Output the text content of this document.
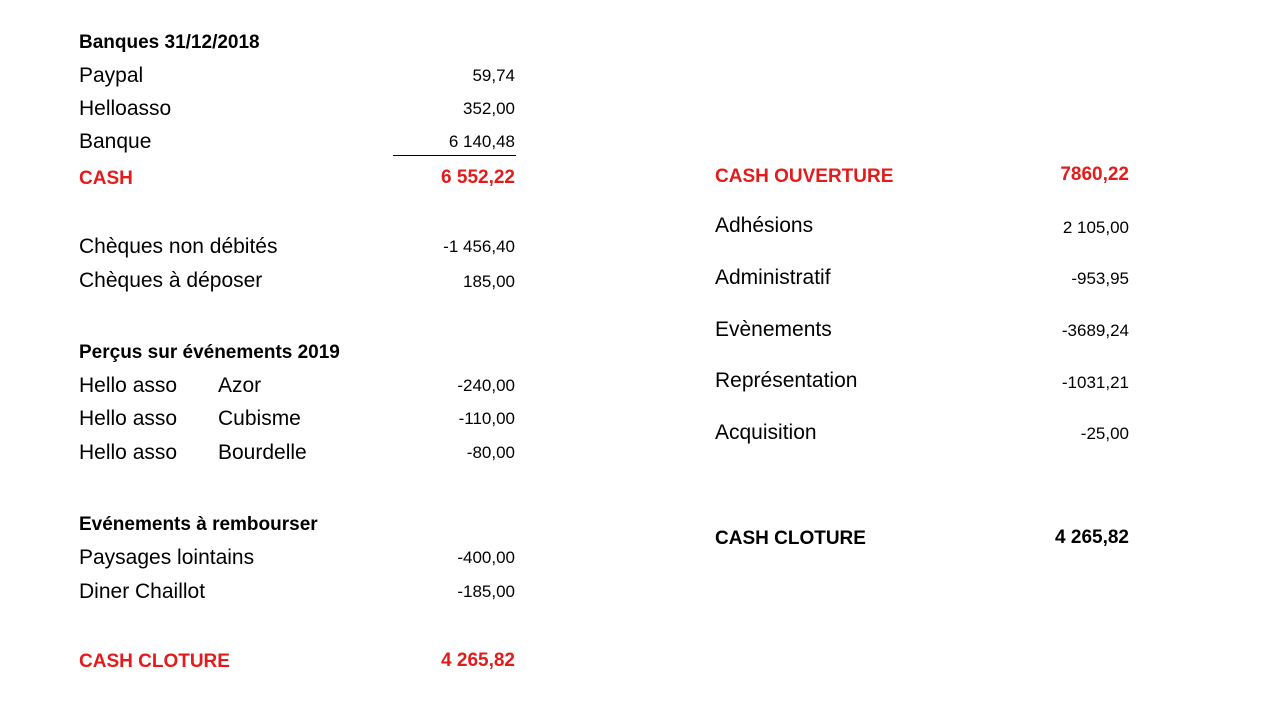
Banques 31/12/2018
Paypal	59,74
Helloasso	352,00
Banque	6 140,48
CASH	6 552,22
Chèques non débités	-1 456,40
Chèques à déposer	185,00
Perçus sur événements 2019
Hello asso Azor	-240,00
Hello asso Cubisme	-110,00
Hello asso Bourdelle	-80,00
Evénements à rembourser
Paysages lointains	-400,00
Diner Chaillot	-185,00
CASH CLOTURE	4 265,82
CASH OUVERTURE	7860,22
Adhésions	2 105,00
Administratif	-953,95
Evènements	-3689,24
Représentation	-1031,21
Acquisition	-25,00
CASH CLOTURE	4 265,82
